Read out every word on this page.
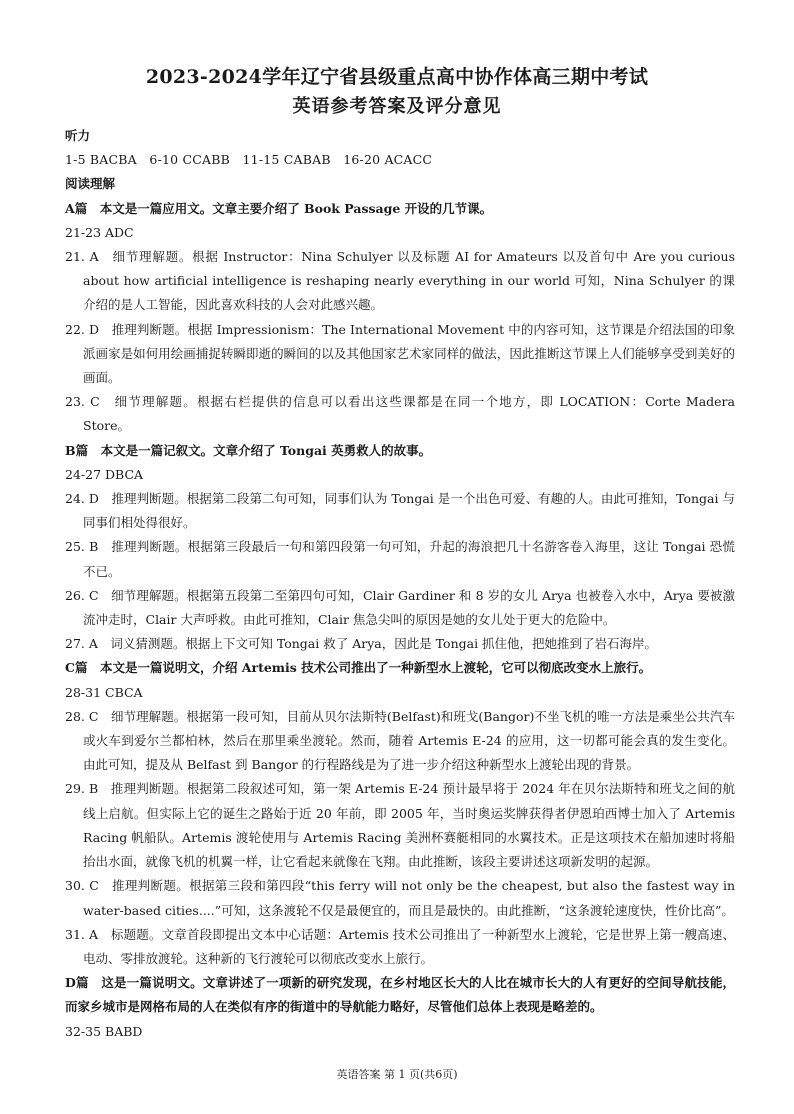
2023-2024学年辽宁省县级重点高中协作体高三期中考试
英语参考答案及评分意见
听力
1-5 BACBA   6-10 CCABB   11-15 CABAB   16-20 ACACC
阅读理解
A篇　本文是一篇应用文。文章主要介绍了 Book Passage 开设的几节课。
21-23 ADC
21. A　细节理解题。根据 Instructor：Nina Schulyer 以及标题 AI for Amateurs 以及首句中 Are you curious about how artificial intelligence is reshaping nearly everything in our world 可知，Nina Schulyer 的课介绍的是人工智能，因此喜欢科技的人会对此感兴趣。
22. D　推理判断题。根据 Impressionism：The International Movement 中的内容可知，这节课是介绍法国的印象派画家是如何用绘画捕捉转瞬即逝的瞬间的以及其他国家艺术家同样的做法，因此推断这节课上人们能够享受到美好的画面。
23. C　细节理解题。根据右栏提供的信息可以看出这些课都是在同一个地方，即 LOCATION：Corte Madera Store。
B篇　本文是一篇记叙文。文章介绍了 Tongai 英勇救人的故事。
24-27 DBCA
24. D　推理判断题。根据第二段第二句可知，同事们认为 Tongai 是一个出色可爱、有趣的人。由此可推知，Tongai 与同事们相处得很好。
25. B　推理判断题。根据第三段最后一句和第四段第一句可知，升起的海浪把几十名游客卷入海里，这让 Tongai 恐慌不已。
26. C　细节理解题。根据第五段第二至第四句可知，Clair Gardiner 和 8 岁的女儿 Arya 也被卷入水中，Arya 要被激流冲走时，Clair 大声呼救。由此可推知，Clair 焦急尖叫的原因是她的女儿处于更大的危险中。
27. A　词义猜测题。根据上下文可知 Tongai 救了 Arya，因此是 Tongai 抓住他，把她推到了岩石海岸。
C篇　本文是一篇说明文，介绍 Artemis 技术公司推出了一种新型水上渡轮，它可以彻底改变水上旅行。
28-31 CBCA
28. C　细节理解题。根据第一段可知，目前从贝尔法斯特(Belfast)和班戈(Bangor)不坐飞机的唯一方法是乘坐公共汽车或火车到爱尔兰都柏林，然后在那里乘坐渡轮。然而，随着 Artemis E-24 的应用，这一切都可能会真的发生变化。由此可知，提及从 Belfast 到 Bangor 的行程路线是为了进一步介绍这种新型水上渡轮出现的背景。
29. B　推理判断题。根据第二段叙述可知，第一架 Artemis E-24 预计最早将于 2024 年在贝尔法斯特和班戈之间的航线上启航。但实际上它的诞生之路始于近 20 年前，即 2005 年，当时奥运奖牌获得者伊恩珀西博士加入了 Artemis Racing 帆船队。Artemis 渡轮使用与 Artemis Racing 美洲杯赛艇相同的水翼技术。正是这项技术在船加速时将船抬出水面，就像飞机的机翼一样，让它看起来就像在飞翔。由此推断，该段主要讲述这项新发明的起源。
30. C　推理判断题。根据第三段和第四段“this ferry will not only be the cheapest, but also the fastest way in water-based cities....”可知，这条渡轮不仅是最便宜的，而且是最快的。由此推断，“这条渡轮速度快，性价比高”。
31. A　标题题。文章首段即提出文本中心话题：Artemis 技术公司推出了一种新型水上渡轮，它是世界上第一艘高速、电动、零排放渡轮。这种新的飞行渡轮可以彻底改变水上旅行。
D篇　这是一篇说明文。文章讲述了一项新的研究发现，在乡村地区长大的人比在城市长大的人有更好的空间导航技能，而家乡城市是网格布局的人在类似有序的街道中的导航能力略好，尽管他们总体上表现是略差的。
32-35 BABD
英语答案 第 1 页(共6页)
